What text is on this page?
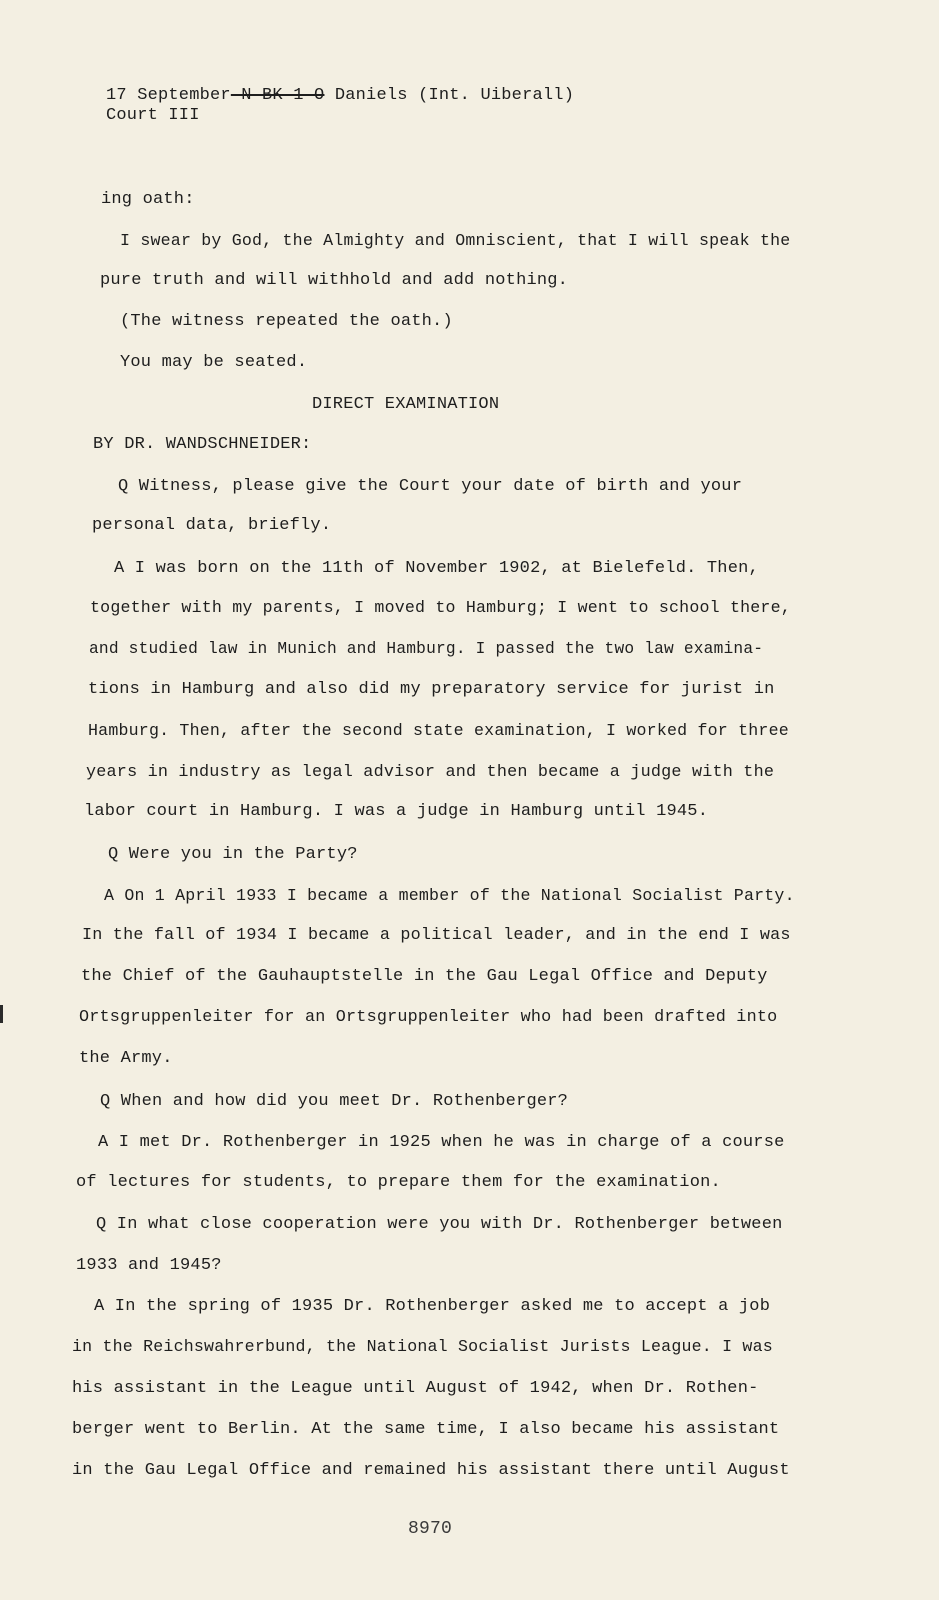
17 September N BK 1 O Daniels (Int. Uiberall)
Court III
ing oath:
I swear by God, the Almighty and Omniscient, that I will speak the
pure truth and will withhold and add nothing.
(The witness repeated the oath.)
You may be seated.
DIRECT EXAMINATION
BY DR. WANDSCHNEIDER:
Q Witness, please give the Court your date of birth and your
personal data, briefly.
A I was born on the 11th of November 1902, at Bielefeld. Then,
together with my parents, I moved to Hamburg; I went to school there,
and studied law in Munich and Hamburg. I passed the two law examina-
tions in Hamburg and also did my preparatory service for jurist in
Hamburg. Then, after the second state examination, I worked for three
years in industry as legal advisor and then became a judge with the
labor court in Hamburg. I was a judge in Hamburg until 1945.
Q Were you in the Party?
A On 1 April 1933 I became a member of the National Socialist Party.
In the fall of 1934 I became a political leader, and in the end I was
the Chief of the Gauhauptstelle in the Gau Legal Office and Deputy
Ortsgruppenleiter for an Ortsgruppenleiter who had been drafted into
the Army.
Q When and how did you meet Dr. Rothenberger?
A I met Dr. Rothenberger in 1925 when he was in charge of a course
of lectures for students, to prepare them for the examination.
Q In what close cooperation were you with Dr. Rothenberger between
1933 and 1945?
A In the spring of 1935 Dr. Rothenberger asked me to accept a job
in the Reichswahrerbund, the National Socialist Jurists League. I was
his assistant in the League until August of 1942, when Dr. Rothen-
berger went to Berlin. At the same time, I also became his assistant
in the Gau Legal Office and remained his assistant there until August
8970
